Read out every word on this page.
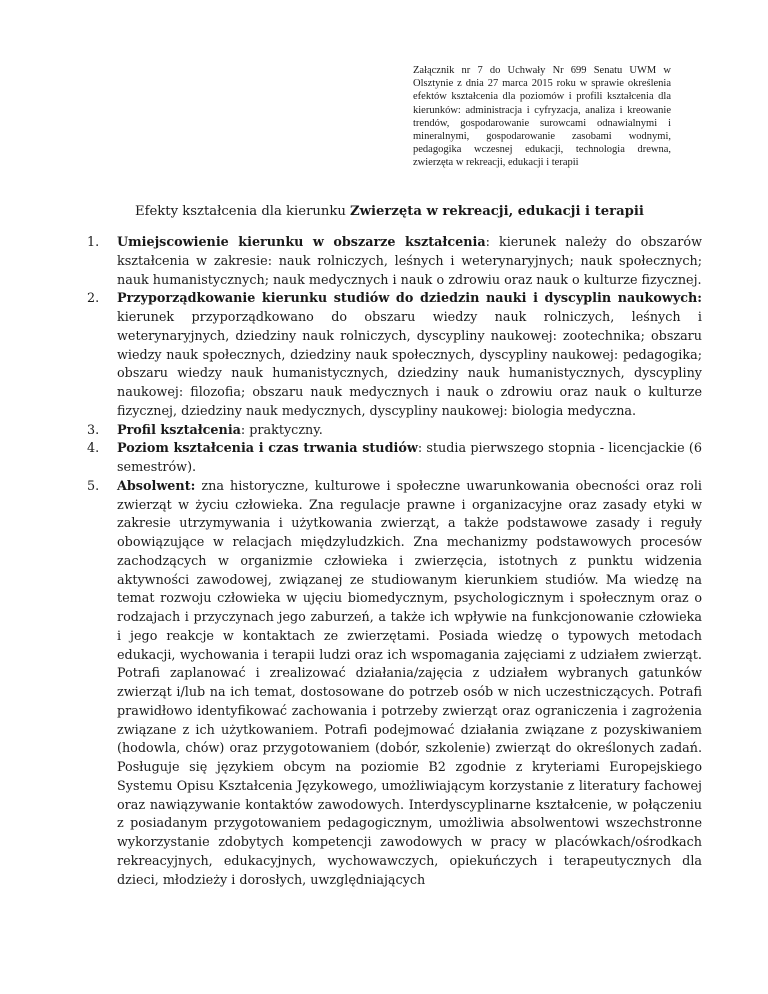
Załącznik nr 7 do Uchwały Nr 699 Senatu UWM w Olsztynie z dnia 27 marca 2015 roku w sprawie określenia efektów kształcenia dla poziomów i profili kształcenia dla kierunków: administracja i cyfryzacja, analiza i kreowanie trendów, gospodarowanie surowcami odnawialnymi i mineralnymi, gospodarowanie zasobami wodnymi, pedagogika wczesnej edukacji, technologia drewna, zwierzęta w rekreacji, edukacji i terapii
Efekty kształcenia dla kierunku Zwierzęta w rekreacji, edukacji i terapii
1.	Umiejscowienie kierunku w obszarze kształcenia: kierunek należy do obszarów kształcenia w zakresie: nauk rolniczych, leśnych i weterynaryjnych; nauk społecznych; nauk humanistycznych; nauk medycznych i nauk o zdrowiu oraz nauk o kulturze fizycznej.
2.	Przyporządkowanie kierunku studiów do dziedzin nauki i dyscyplin naukowych: kierunek przyporządkowano do obszaru wiedzy nauk rolniczych, leśnych i weterynaryjnych, dziedziny nauk rolniczych, dyscypliny naukowej: zootechnika; obszaru wiedzy nauk społecznych, dziedziny nauk społecznych, dyscypliny naukowej: pedagogika; obszaru wiedzy nauk humanistycznych, dziedziny nauk humanistycznych, dyscypliny naukowej: filozofia; obszaru nauk medycznych i nauk o zdrowiu oraz nauk o kulturze fizycznej, dziedziny nauk medycznych, dyscypliny naukowej: biologia medyczna.
3.	Profil kształcenia: praktyczny.
4.	Poziom kształcenia i czas trwania studiów: studia pierwszego stopnia - licencjackie (6 semestrów).
5.	Absolwent: zna historyczne, kulturowe i społeczne uwarunkowania obecności oraz roli zwierząt w życiu człowieka. Zna regulacje prawne i organizacyjne oraz zasady etyki w zakresie utrzymywania i użytkowania zwierząt, a także podstawowe zasady i reguły obowiązujące w relacjach międzyludzkich. Zna mechanizmy podstawowych procesów zachodzących w organizmie człowieka i zwierzęcia, istotnych z punktu widzenia aktywności zawodowej, związanej ze studiowanym kierunkiem studiów. Ma wiedzę na temat rozwoju człowieka w ujęciu biomedycznym, psychologicznym i społecznym oraz o rodzajach i przyczynach jego zaburzeń, a także ich wpływie na funkcjonowanie człowieka i jego reakcje w kontaktach ze zwierzętami. Posiada wiedzę o typowych metodach edukacji, wychowania i terapii ludzi oraz ich wspomagania zajęciami z udziałem zwierząt. Potrafi zaplanować i zrealizować działania/zajęcia z udziałem wybranych gatunków zwierząt i/lub na ich temat, dostosowane do potrzeb osób w nich uczestniczących. Potrafi prawidłowo identyfikować zachowania i potrzeby zwierząt oraz ograniczenia i zagrożenia związane z ich użytkowaniem. Potrafi podejmować działania związane z pozyskiwaniem (hodowla, chów) oraz przygotowaniem (dobór, szkolenie) zwierząt do określonych zadań. Posługuje się językiem obcym na poziomie B2 zgodnie z kryteriami Europejskiego Systemu Opisu Kształcenia Językowego, umożliwiającym korzystanie z literatury fachowej oraz nawiązywanie kontaktów zawodowych. Interdyscyplinarne kształcenie, w połączeniu z posiadanym przygotowaniem pedagogicznym, umożliwia absolwentowi wszechstronne wykorzystanie zdobytych kompetencji zawodowych w pracy w placówkach/ośrodkach rekreacyjnych, edukacyjnych, wychowawczych, opiekuńczych i terapeutycznych dla dzieci, młodzieży i dorosłych, uwzględniających
